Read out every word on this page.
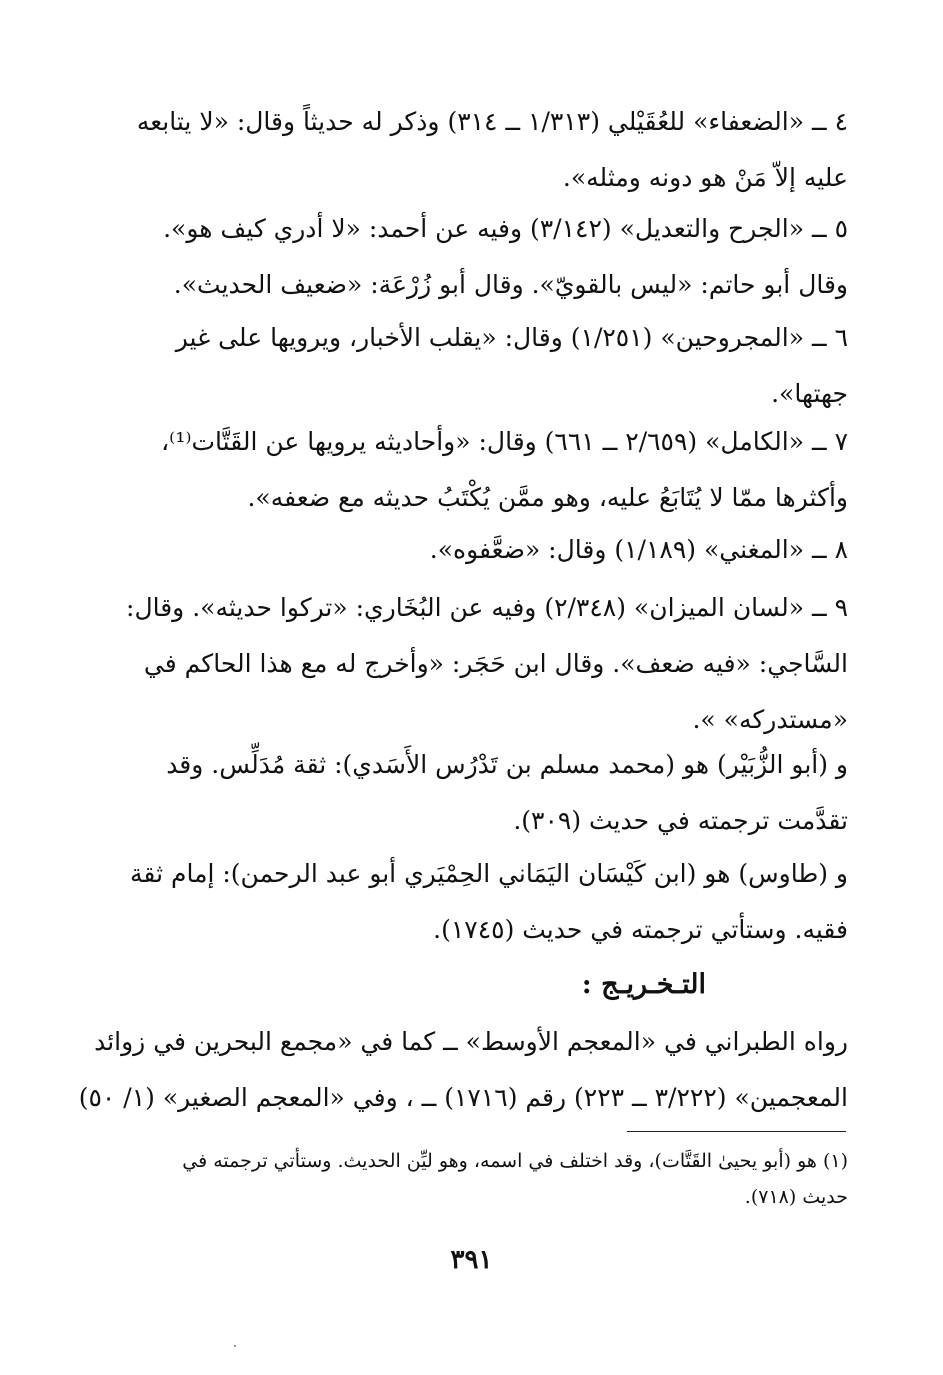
٤ ــ «الضعفاء» للعُقَيْلي (١/٣١٣ ــ ٣١٤) وذكر له حديثاً وقال: «لا يتابعه
عليه إلاّ مَنْ هو دونه ومثله».
٥ ــ «الجرح والتعديل» (٣/١٤٢) وفيه عن أحمد: «لا أدري كيف هو».
وقال أبو حاتم: «ليس بالقويّ». وقال أبو زُرْعَة: «ضعيف الحديث».
٦ ــ «المجروحين» (١/٢٥١) وقال: «يقلب الأخبار، ويرويها على غير
جهتها».
٧ ــ «الكامل» (٢/٦٥٩ ــ ٦٦١) وقال: «وأحاديثه يرويها عن القَتَّات⁽¹⁾،
وأكثرها ممّا لا يُتَابَعُ عليه، وهو ممَّن يُكْتَبُ حديثه مع ضعفه».
٨ ــ «المغني» (١/١٨٩) وقال: «ضعَّفوه».
٩ ــ «لسان الميزان» (٢/٣٤٨) وفيه عن البُخَاري: «تركوا حديثه». وقال:
السَّاجي: «فيه ضعف». وقال ابن حَجَر: «وأخرج له مع هذا الحاكم في
«مستدركه» ».
و (أبو الزُّبَيْر) هو (محمد مسلم بن تَدْرُس الأَسَدي): ثقة مُدَلِّس. وقد
تقدَّمت ترجمته في حديث (٣٠٩).
و (طاوس) هو (ابن كَيْسَان اليَمَاني الحِمْيَري أبو عبد الرحمن): إمام ثقة
فقيه. وستأتي ترجمته في حديث (١٧٤٥).
التـخـريـج :
رواه الطبراني في «المعجم الأوسط» ــ كما في «مجمع البحرين في زوائد
المعجمين» (٣/٢٢٢ ــ ٢٢٣) رقم (١٧١٦) ــ ، وفي «المعجم الصغير» (١/ ٥٠)
(١) هو (أبو يحيىٰ القَتَّات)، وقد اختلف في اسمه، وهو ليِّن الحديث. وستأتي ترجمته في
حديث (٧١٨).
٣٩١
